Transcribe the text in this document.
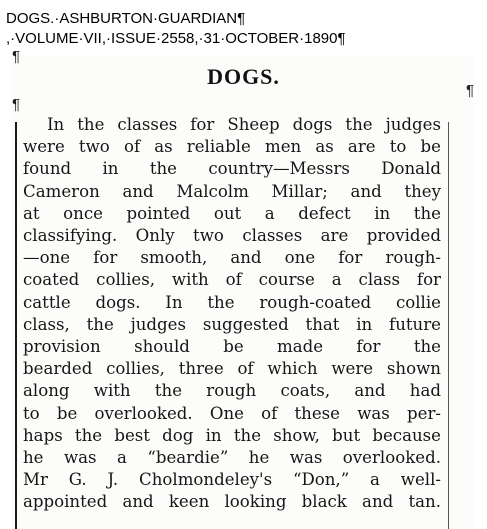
DOGS.·ASHBURTON·GUARDIAN¶
,·VOLUME·VII,·ISSUE·2558,·31·OCTOBER·1890¶
¶
¶
¶
DOGS.
In the classes for Sheep dogs the judges
were two of as reliable men as are to be
found in the country—Messrs Donald
Cameron and Malcolm Millar; and they
at once pointed out a defect in the
classifying. Only two classes are provided
—one for smooth, and one for rough-
coated collies, with of course a class for
cattle dogs. In the rough-coated collie
class, the judges suggested that in future
provision should be made for the
bearded collies, three of which were shown
along with the rough coats, and had
to be overlooked. One of these was per-
haps the best dog in the show, but because
he was a “beardie” he was overlooked.
Mr G. J. Cholmondeley's “Don,” a well-
appointed and keen looking black and tan.
